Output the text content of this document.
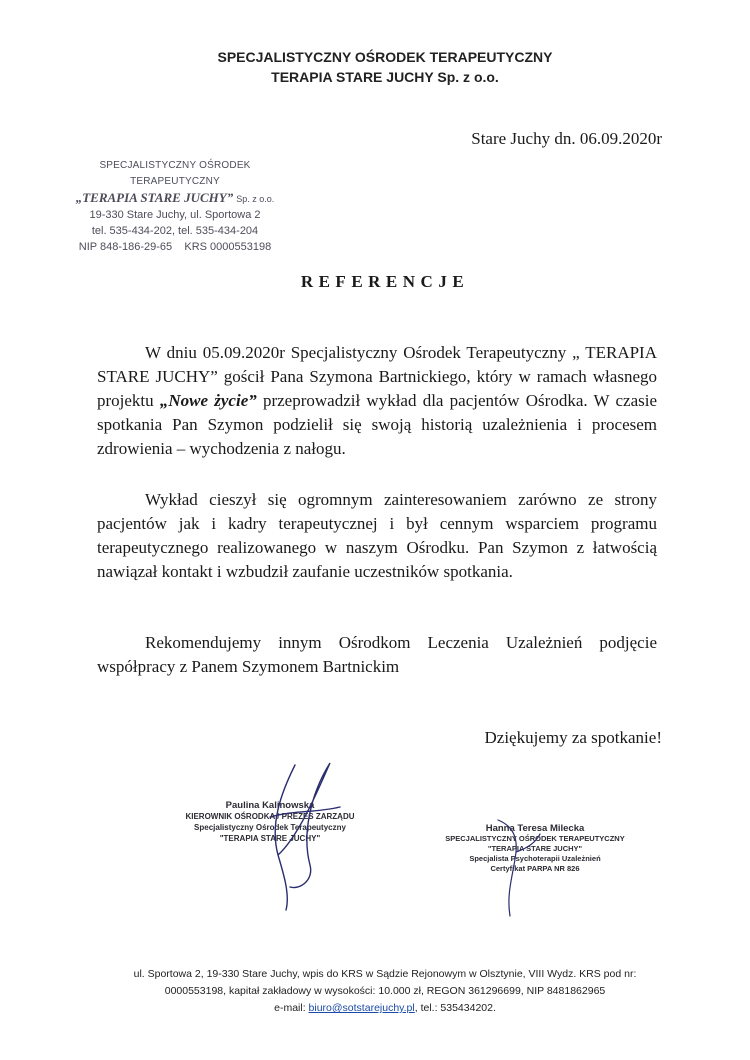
SPECJALISTYCZNY OŚRODEK TERAPEUTYCZNY
TERAPIA STARE JUCHY Sp. z o.o.
Stare Juchy dn. 06.09.2020r
SPECJALISTYCZNY OŚRODEK TERAPEUTYCZNY
„TERAPIA STARE JUCHY” Sp. z o.o.
19-330 Stare Juchy, ul. Sportowa 2
tel. 535-434-202, tel. 535-434-204
NIP 848-186-29-65    KRS 0000553198
REFERENCJE
W dniu 05.09.2020r Specjalistyczny Ośrodek Terapeutyczny „ TERAPIA STARE JUCHY” gościł Pana Szymona Bartnickiego, który w ramach własnego projektu „Nowe życie” przeprowadził wykład dla pacjentów Ośrodka. W czasie spotkania Pan Szymon podzielił się swoją historią uzależnienia i procesem zdrowienia – wychodzenia z nałogu.
Wykład cieszył się ogromnym zainteresowaniem zarówno ze strony pacjentów jak i kadry terapeutycznej i był cennym wsparciem programu terapeutycznego realizowanego w naszym Ośrodku. Pan Szymon z łatwością nawiązał kontakt i wzbudził zaufanie uczestników spotkania.
Rekomendujemy innym Ośrodkom Leczenia Uzależnień podjęcie współpracy z Panem Szymonem Bartnickim
Dziękujemy za spotkanie!
Paulina Kalinowska
KIEROWNIK OŚRODKA / PREZES ZARZĄDU
Specjalistyczny Ośrodek Terapeutyczny
"TERAPIA STARE JUCHY"
Hanna Teresa Milecka
SPECJALISTYCZNY OŚRODEK TERAPEUTYCZNY
"TERAPIA STARE JUCHY"
Specjalista Psychoterapii Uzależnień
Certyfikat PARPA NR 826
ul. Sportowa 2, 19-330 Stare Juchy, wpis do KRS w Sądzie Rejonowym w Olsztynie, VIII Wydz. KRS pod nr:
0000553198, kapitał zakładowy w wysokości: 10.000 zł, REGON 361296699, NIP 8481862965
e-mail: biuro@sotstarejuchy.pl, tel.: 535434202.
